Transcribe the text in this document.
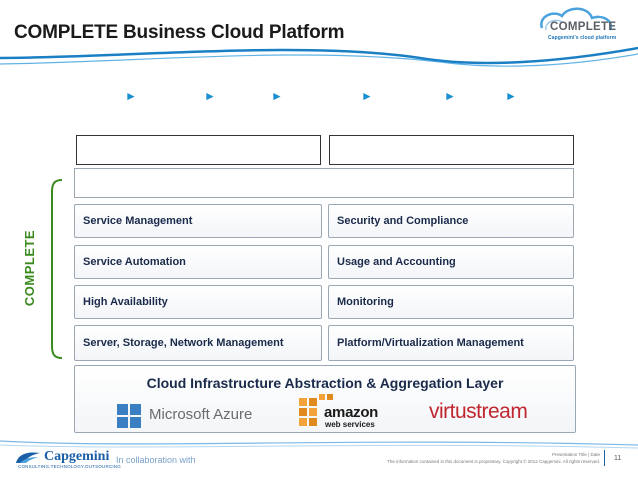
COMPLETE Business Cloud Platform	COMPLETE
Capgemini's cloud platform
►	►	►	►	►	►
COMPLETE
Service Management	Security and Compliance
Service Automation	Usage and Accounting
High Availability	Monitoring
Server, Storage, Network Management	Platform/Virtualization Management
Cloud Infrastructure Abstraction & Aggregation Layer
Microsoft Azure	amazon
web services
virtustream
Capgemini
CONSULTING.TECHNOLOGY.OUTSOURCING
In collaboration with
Presentation Title | Date
The information contained in this document is proprietary. Copyright © 2012 Capgemini. All rights reserved. 11
